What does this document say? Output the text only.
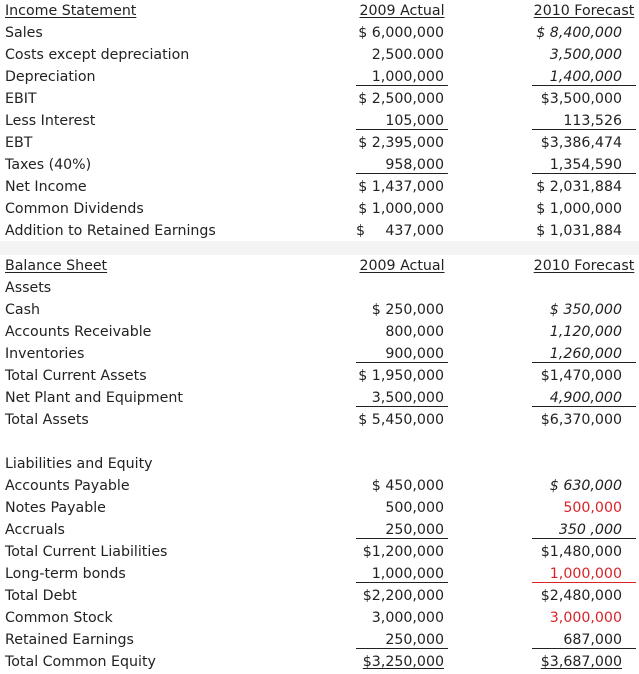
Income Statement	2009 Actual	2010 Forecast
Sales	$ 6,000,000	$ 8,400,000
Costs except depreciation	2,500.000	3,500,000
Depreciation	1,000,000	1,400,000
EBIT	$ 2,500,000	$3,500,000
Less Interest	105,000	113,526
EBT	$ 2,395,000	$3,386,474
Taxes (40%)	958,000	1,354,590
Net Income	$ 1,437,000	$ 2,031,884
Common Dividends	$ 1,000,000	$ 1,000,000
Addition to Retained Earnings	$ 437,000	$ 1,031,884
Balance Sheet	2009 Actual	2010 Forecast
Assets
Cash	$ 250,000	$ 350,000
Accounts Receivable	800,000	1,120,000
Inventories	900,000	1,260,000
Total Current Assets	$ 1,950,000	$1,470,000
Net Plant and Equipment	3,500,000	4,900,000
Total Assets	$ 5,450,000	$6,370,000
Liabilities and Equity
Accounts Payable	$ 450,000	$ 630,000
Notes Payable	500,000	500,000
Accruals	250,000	350 ,000
Total Current Liabilities	$1,200,000	$1,480,000
Long-term bonds	1,000,000	1,000,000
Total Debt	$2,200,000	$2,480,000
Common Stock	3,000,000	3,000,000
Retained Earnings	250,000	687,000
Total Common Equity	$3,250,000	$3,687,000
